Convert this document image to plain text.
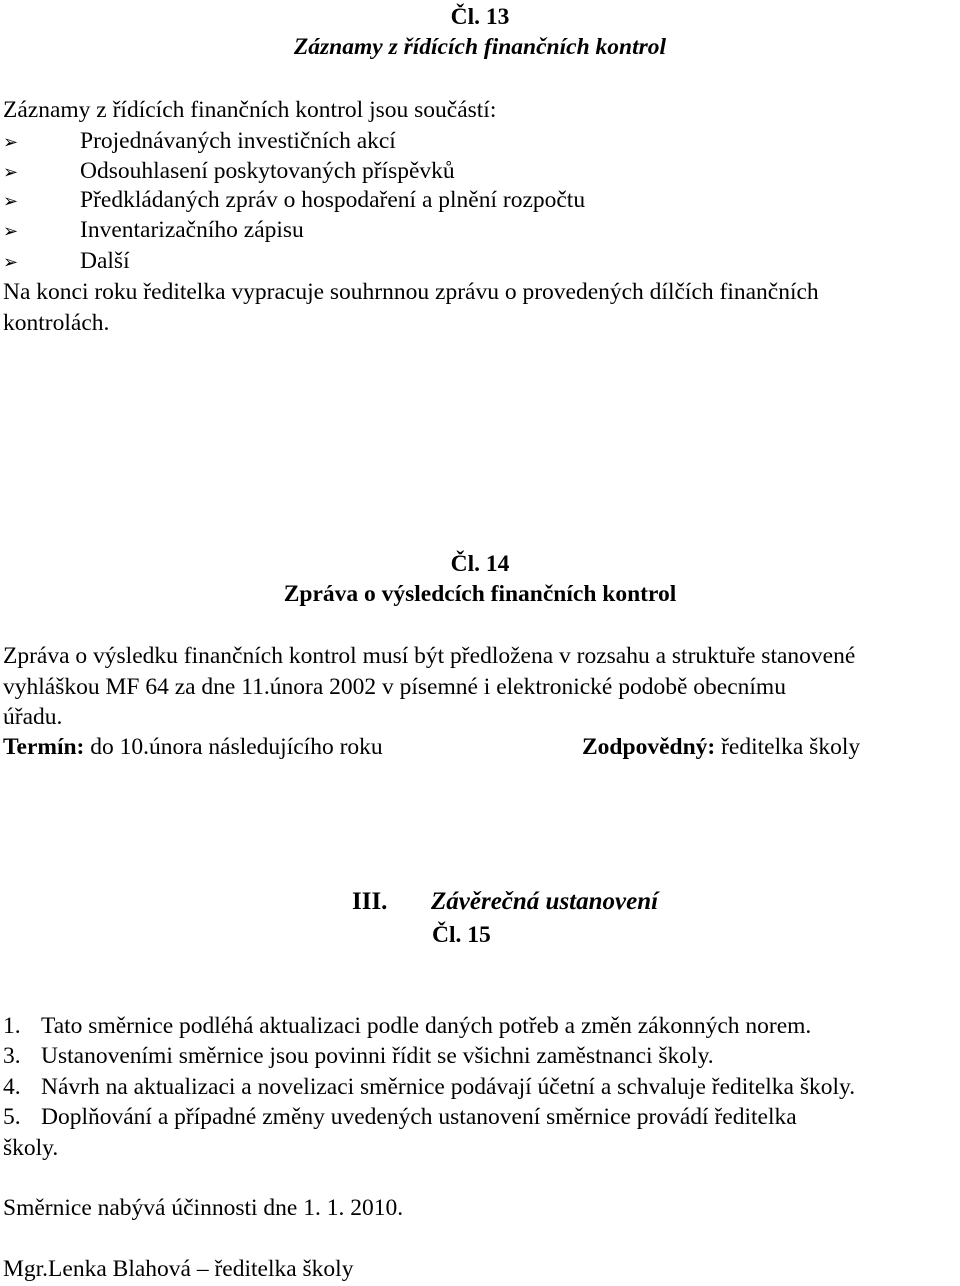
Čl. 13
Záznamy z řídících finančních kontrol
Záznamy z řídících finančních kontrol jsou součástí:
➢	Projednávaných investičních akcí
➢	Odsouhlasení poskytovaných příspěvků
➢	Předkládaných zpráv o hospodaření a plnění rozpočtu
➢	Inventarizačního zápisu
➢	Další
Na konci roku ředitelka vypracuje souhrnnou zprávu o provedených dílčích finančních
kontrolách.
Čl. 14
Zpráva o výsledcích finančních kontrol
Zpráva o výsledku finančních kontrol musí být předložena v rozsahu a struktuře stanovené
vyhláškou MF 64 za dne 11.února 2002 v písemné i elektronické podobě obecnímu
úřadu.
Termín: do 10.února následujícího roku	Zodpovědný: ředitelka školy
III. Závěrečná ustanovení
Čl. 15
1. Tato směrnice podléhá aktualizaci podle daných potřeb a změn zákonných norem.
3. Ustanoveními směrnice jsou povinni řídit se všichni zaměstnanci školy.
4. Návrh na aktualizaci a novelizaci směrnice podávají účetní a schvaluje ředitelka školy.
5. Doplňování a případné změny uvedených ustanovení směrnice provádí ředitelka
školy.
Směrnice nabývá účinnosti dne 1. 1. 2010.
Mgr.Lenka Blahová – ředitelka školy
